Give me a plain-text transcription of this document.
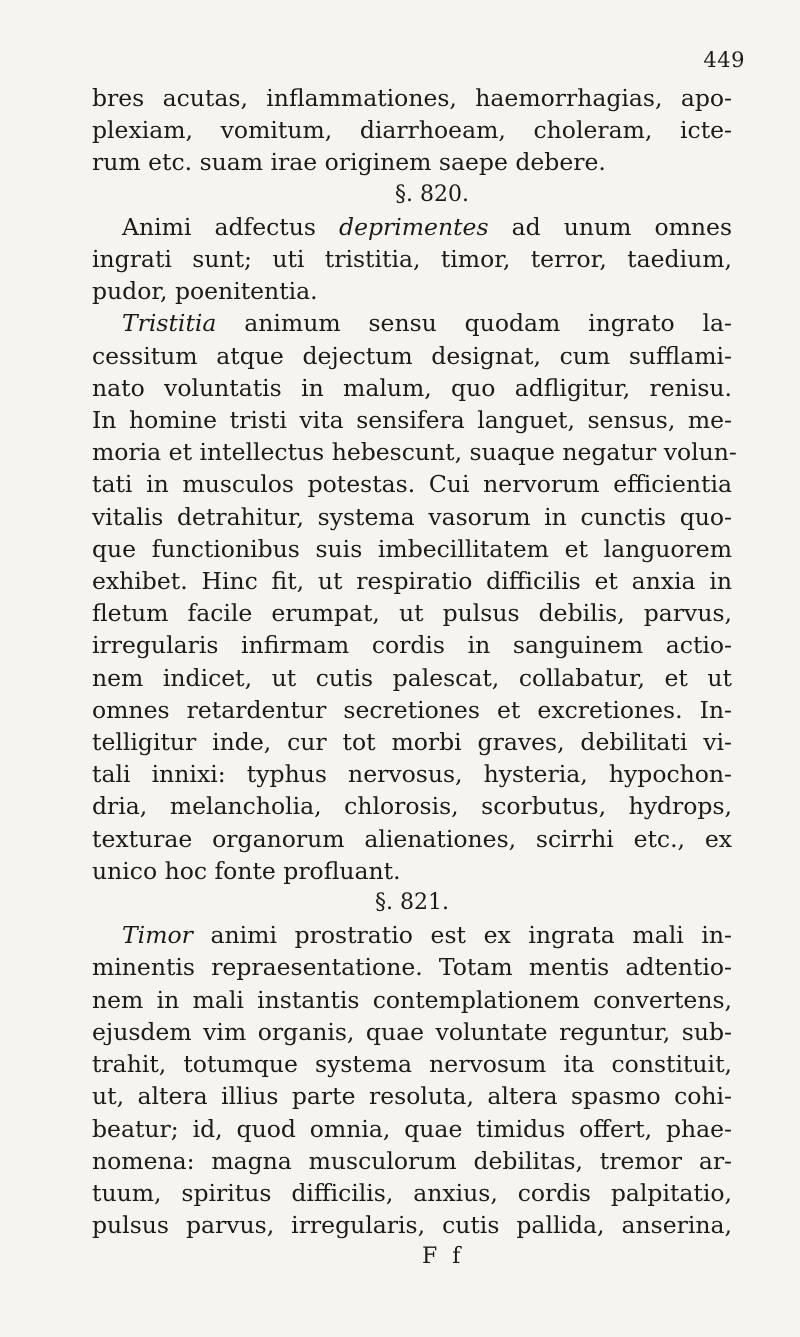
449
bres acutas, inflammationes, haemorrhagias, apo-
plexiam, vomitum, diarrhoeam, choleram, icte-
rum etc. suam irae originem saepe debere.
§. 820.
Animi adfectus deprimentes ad unum omnes
ingrati sunt; uti tristitia, timor, terror, taedium,
pudor, poenitentia.
Tristitia animum sensu quodam ingrato la-
cessitum atque dejectum designat, cum sufflami-
nato voluntatis in malum, quo adfligitur, renisu.
In homine tristi vita sensifera languet, sensus, me-
moria et intellectus hebescunt, suaque negatur volun-
tati in musculos potestas. Cui nervorum efficientia
vitalis detrahitur, systema vasorum in cunctis quo-
que functionibus suis imbecillitatem et languorem
exhibet. Hinc fit, ut respiratio difficilis et anxia in
fletum facile erumpat, ut pulsus debilis, parvus,
irregularis infirmam cordis in sanguinem actio-
nem indicet, ut cutis palescat, collabatur, et ut
omnes retardentur secretiones et excretiones. In-
telligitur inde, cur tot morbi graves, debilitati vi-
tali innixi: typhus nervosus, hysteria, hypochon-
dria, melancholia, chlorosis, scorbutus, hydrops,
texturae organorum alienationes, scirrhi etc., ex
unico hoc fonte profluant.
§. 821.
Timor animi prostratio est ex ingrata mali in-
minentis repraesentatione. Totam mentis adtentio-
nem in mali instantis contemplationem convertens,
ejusdem vim organis, quae voluntate reguntur, sub-
trahit, totumque systema nervosum ita constituit,
ut, altera illius parte resoluta, altera spasmo cohi-
beatur; id, quod omnia, quae timidus offert, phae-
nomena: magna musculorum debilitas, tremor ar-
tuum, spiritus difficilis, anxius, cordis palpitatio,
pulsus parvus, irregularis, cutis pallida, anserina,
F f
